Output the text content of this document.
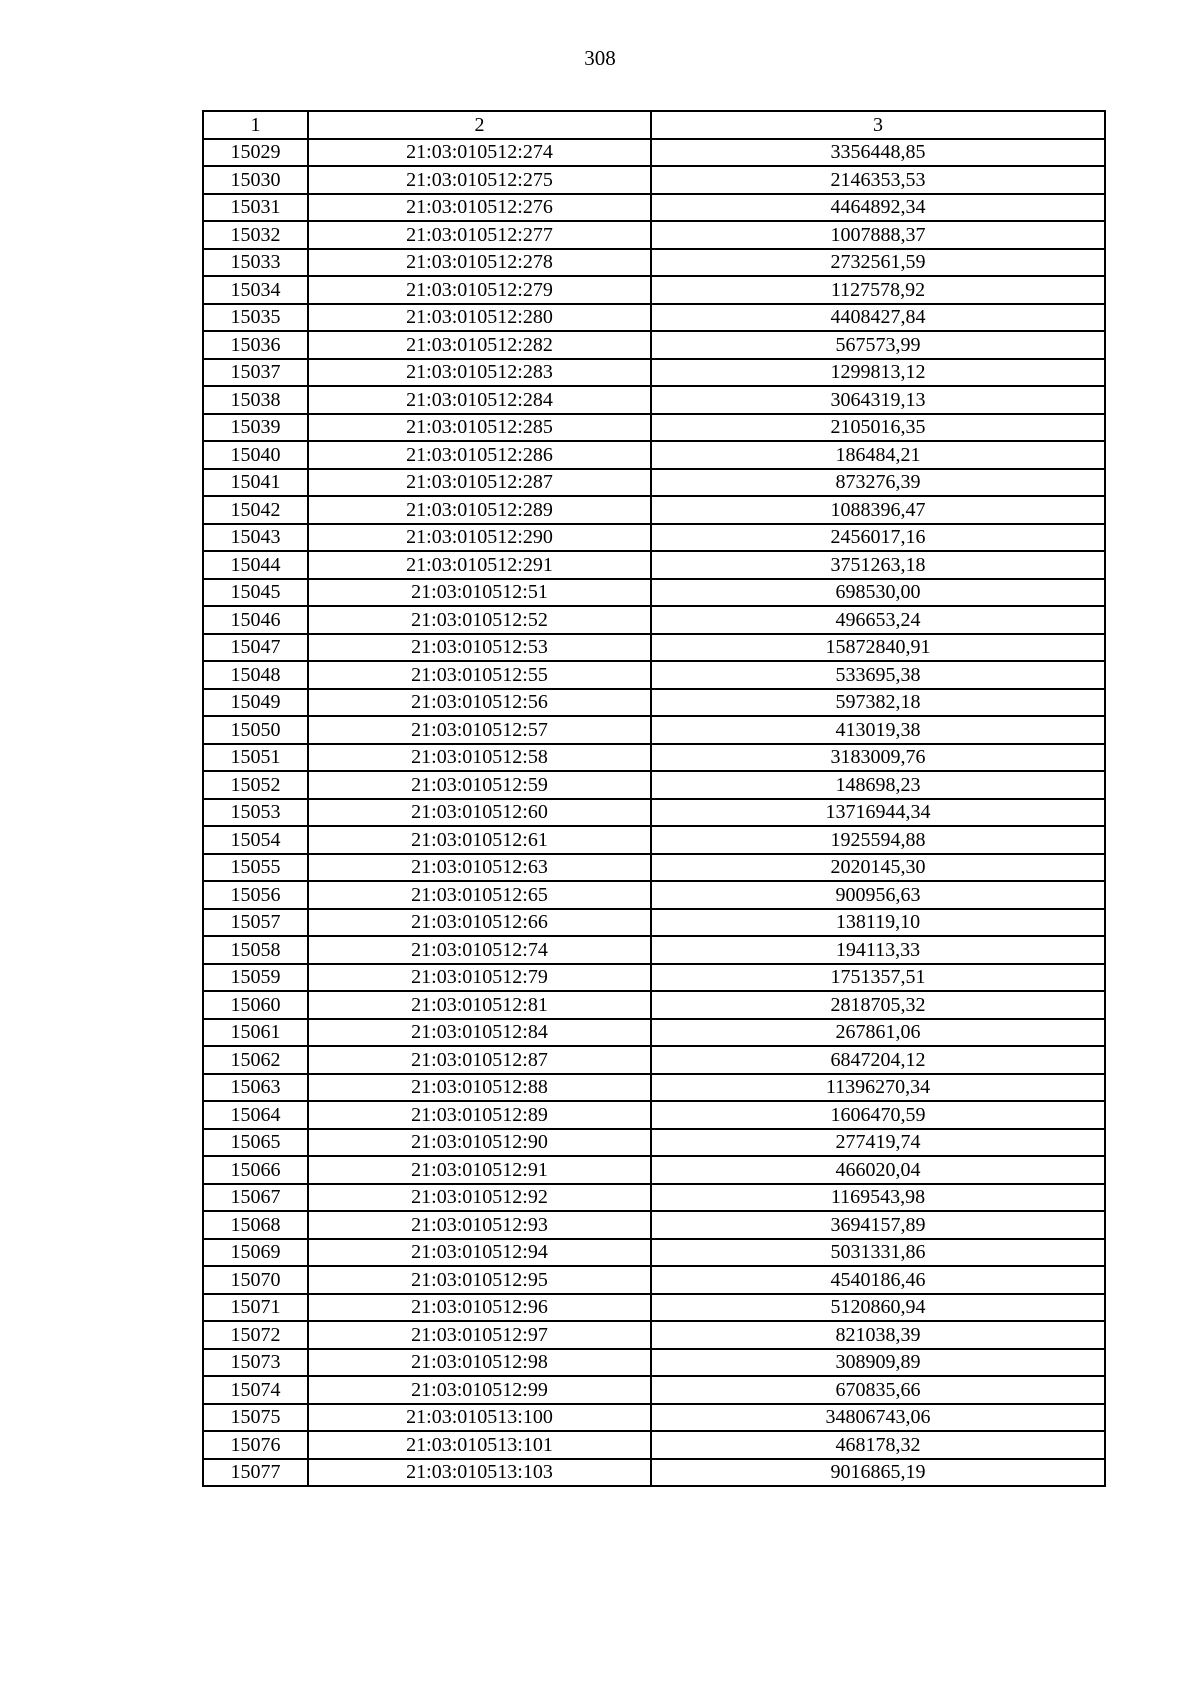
308
1	2	3
15029	21:03:010512:274	3356448,85
15030	21:03:010512:275	2146353,53
15031	21:03:010512:276	4464892,34
15032	21:03:010512:277	1007888,37
15033	21:03:010512:278	2732561,59
15034	21:03:010512:279	1127578,92
15035	21:03:010512:280	4408427,84
15036	21:03:010512:282	567573,99
15037	21:03:010512:283	1299813,12
15038	21:03:010512:284	3064319,13
15039	21:03:010512:285	2105016,35
15040	21:03:010512:286	186484,21
15041	21:03:010512:287	873276,39
15042	21:03:010512:289	1088396,47
15043	21:03:010512:290	2456017,16
15044	21:03:010512:291	3751263,18
15045	21:03:010512:51	698530,00
15046	21:03:010512:52	496653,24
15047	21:03:010512:53	15872840,91
15048	21:03:010512:55	533695,38
15049	21:03:010512:56	597382,18
15050	21:03:010512:57	413019,38
15051	21:03:010512:58	3183009,76
15052	21:03:010512:59	148698,23
15053	21:03:010512:60	13716944,34
15054	21:03:010512:61	1925594,88
15055	21:03:010512:63	2020145,30
15056	21:03:010512:65	900956,63
15057	21:03:010512:66	138119,10
15058	21:03:010512:74	194113,33
15059	21:03:010512:79	1751357,51
15060	21:03:010512:81	2818705,32
15061	21:03:010512:84	267861,06
15062	21:03:010512:87	6847204,12
15063	21:03:010512:88	11396270,34
15064	21:03:010512:89	1606470,59
15065	21:03:010512:90	277419,74
15066	21:03:010512:91	466020,04
15067	21:03:010512:92	1169543,98
15068	21:03:010512:93	3694157,89
15069	21:03:010512:94	5031331,86
15070	21:03:010512:95	4540186,46
15071	21:03:010512:96	5120860,94
15072	21:03:010512:97	821038,39
15073	21:03:010512:98	308909,89
15074	21:03:010512:99	670835,66
15075	21:03:010513:100	34806743,06
15076	21:03:010513:101	468178,32
15077	21:03:010513:103	9016865,19
